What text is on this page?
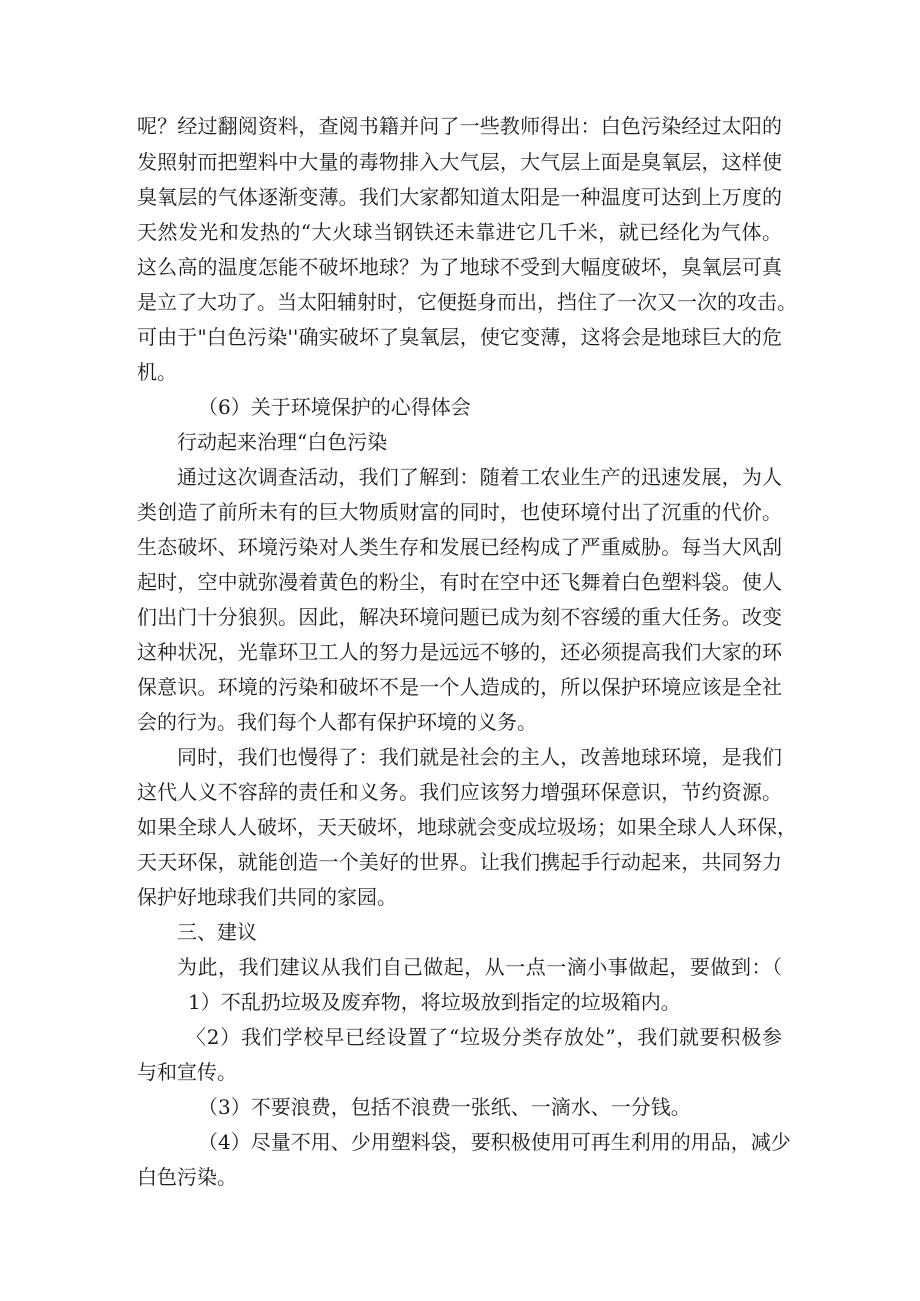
呢？经过翻阅资料，查阅书籍并问了一些教师得出：白色污染经过太阳的
发照射而把塑料中大量的毒物排入大气层，大气层上面是臭氧层，这样使
臭氧层的气体逐渐变薄。我们大家都知道太阳是一种温度可达到上万度的
天然发光和发热的“大火球当钢铁还未靠进它几千米，就已经化为气体。
这么高的温度怎能不破坏地球？为了地球不受到大幅度破坏，臭氧层可真
是立了大功了。当太阳辅射时，它便挺身而出，挡住了一次又一次的攻击。
可由于"白色污染''确实破坏了臭氧层，使它变薄，这将会是地球巨大的危
机。
（6）关于环境保护的心得体会
行动起来治理“白色污染
通过这次调查活动，我们了解到：随着工农业生产的迅速发展，为人
类创造了前所未有的巨大物质财富的同时，也使环境付出了沉重的代价。
生态破坏、环境污染对人类生存和发展已经构成了严重威胁。每当大风刮
起时，空中就弥漫着黄色的粉尘，有时在空中还飞舞着白色塑料袋。使人
们出门十分狼狈。因此，解决环境问题已成为刻不容缓的重大任务。改变
这种状况，光靠环卫工人的努力是远远不够的，还必须提高我们大家的环
保意识。环境的污染和破坏不是一个人造成的，所以保护环境应该是全社
会的行为。我们每个人都有保护环境的义务。
同时，我们也慢得了：我们就是社会的主人，改善地球环境，是我们
这代人义不容辞的责任和义务。我们应该努力增强环保意识，节约资源。
如果全球人人破坏，天天破坏，地球就会变成垃圾场；如果全球人人环保，
天天环保，就能创造一个美好的世界。让我们携起手行动起来，共同努力
保护好地球我们共同的家园。
三、建议
为此，我们建议从我们自己做起，从一点一滴小事做起，要做到：（
1）不乱扔垃圾及废弃物，将垃圾放到指定的垃圾箱内。
〈2）我们学校早已经设置了“垃圾分类存放处”，我们就要积极参
与和宣传。
（3）不要浪费，包括不浪费一张纸、一滴水、一分钱。
（4）尽量不用、少用塑料袋，要积极使用可再生利用的用品，减少
白色污染。
